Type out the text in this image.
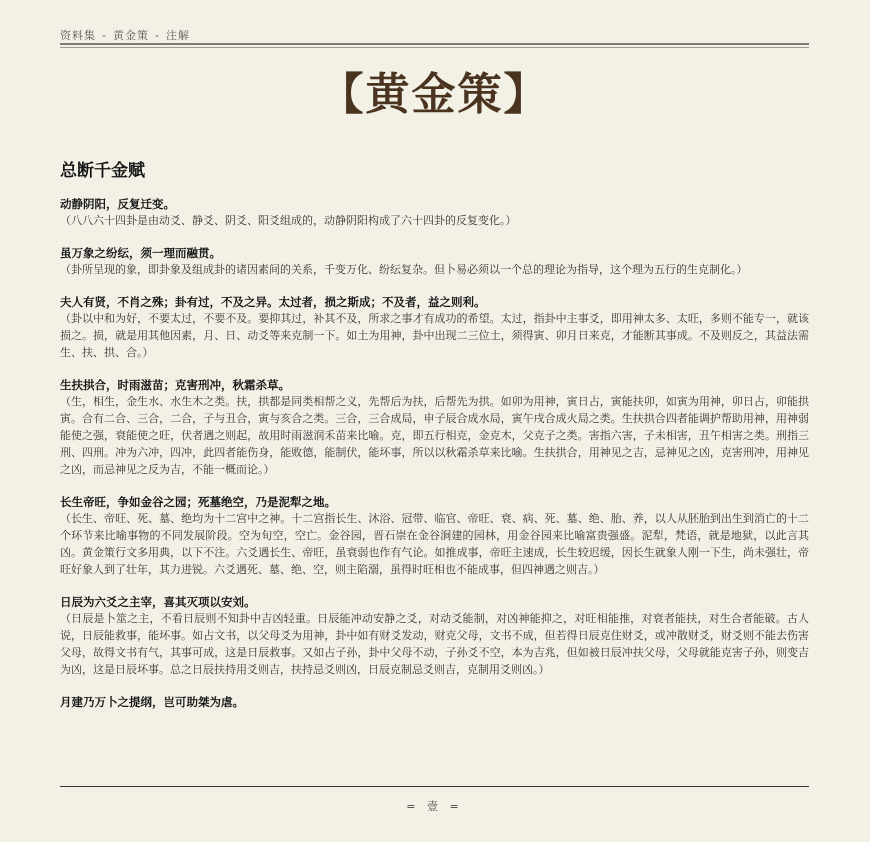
资料集 - 黄金策 - 注解
【黄金策】
总断千金赋
动静阴阳，反复迁变。
（八八六十四卦是由动爻、静爻、阴爻、阳爻组成的，动静阴阳构成了六十四卦的反复变化。）
虽万象之纷纭，须一理而融贯。
（卦所呈现的象，即卦象及组成卦的诸因素间的关系，千变万化、纷纭复杂。但卜易必须以一个总的理论为指导，这个理为五行的生克制化。）
夫人有贤，不肖之殊；卦有过，不及之异。太过者，损之斯成；不及者，益之则利。
（卦以中和为好，不要太过，不要不及。要抑其过，补其不及，所求之事才有成功的希望。太过，指卦中主事爻，即用神太多、太旺，多则不能专一，就该损之。损，就是用其他因素，月、日、动爻等来克制一下。如土为用神，卦中出现二三位土，须得寅、卯月日来克，才能断其事成。不及则反之，其益法需生、扶、拱、合。）
生扶拱合，时雨滋苗；克害刑冲，秋霜杀草。
（生，相生，金生水、水生木之类。扶，拱都是同类相帮之义，先帮后为扶，后帮先为拱。如卯为用神，寅日占，寅能扶卯，如寅为用神，卯日占，卯能拱寅。合有二合、三合，二合，子与丑合，寅与亥合之类。三合，三合成局，申子辰合成水局，寅午戌合成火局之类。生扶拱合四者能调护帮助用神，用神弱能使之强，衰能使之旺，伏者遇之则起，故用时雨滋润禾苗来比喻。克，即五行相克，金克木，父克子之类。害指六害，子未相害，丑午相害之类。刑指三刑、四刑。冲为六冲，四冲，此四者能伤身，能败德，能制伏，能坏事，所以以秋霜杀草来比喻。生扶拱合，用神见之吉，忌神见之凶，克害刑冲，用神见之凶，而忌神见之反为吉，不能一概而论。）
长生帝旺，争如金谷之园；死墓绝空，乃是泥犁之地。
（长生、帝旺、死、墓、绝均为十二宫中之神。十二宫指长生、沐浴、冠带、临官、帝旺、衰、病、死、墓、绝、胎、养，以人从胚胎到出生到消亡的十二个环节来比喻事物的不同发展阶段。空为旬空，空亡。金谷园，晋石崇在金谷涧建的园林，用金谷园来比喻富贵强盛。泥犁，梵语，就是地狱，以此言其凶。黄金策行文多用典，以下不注。六爻遇长生、帝旺，虽衰弱也作有气论。如推成事，帝旺主速成，长生较迟缓，因长生就象人刚一下生，尚未强壮，帝旺好象人到了壮年，其力进锐。六爻遇死、墓、绝、空，则主陷溺，虽得时旺相也不能成事，但四神遇之则吉。）
日辰为六爻之主宰，喜其灭项以安刘。
（日辰是卜筮之主，不看日辰则不知卦中吉凶轻重。日辰能冲动安静之爻，对动爻能制，对凶神能抑之，对旺相能推，对衰者能扶，对生合者能破。古人说，日辰能救事，能坏事。如占文书，以父母爻为用神，卦中如有财爻发动，财克父母，文书不成，但若得日辰克住财爻，或冲散财爻，财爻则不能去伤害父母，故得文书有气，其事可成，这是日辰救事。又如占子孙，卦中父母不动，子孙爻不空，本为吉兆，但如被日辰冲扶父母，父母就能克害子孙，则变吉为凶，这是日辰坏事。总之日辰扶持用爻则吉，扶持忌爻则凶，日辰克制忌爻则吉，克制用爻则凶。）
月建乃万卜之提纲，岂可助桀为虐。
= 壹 =
